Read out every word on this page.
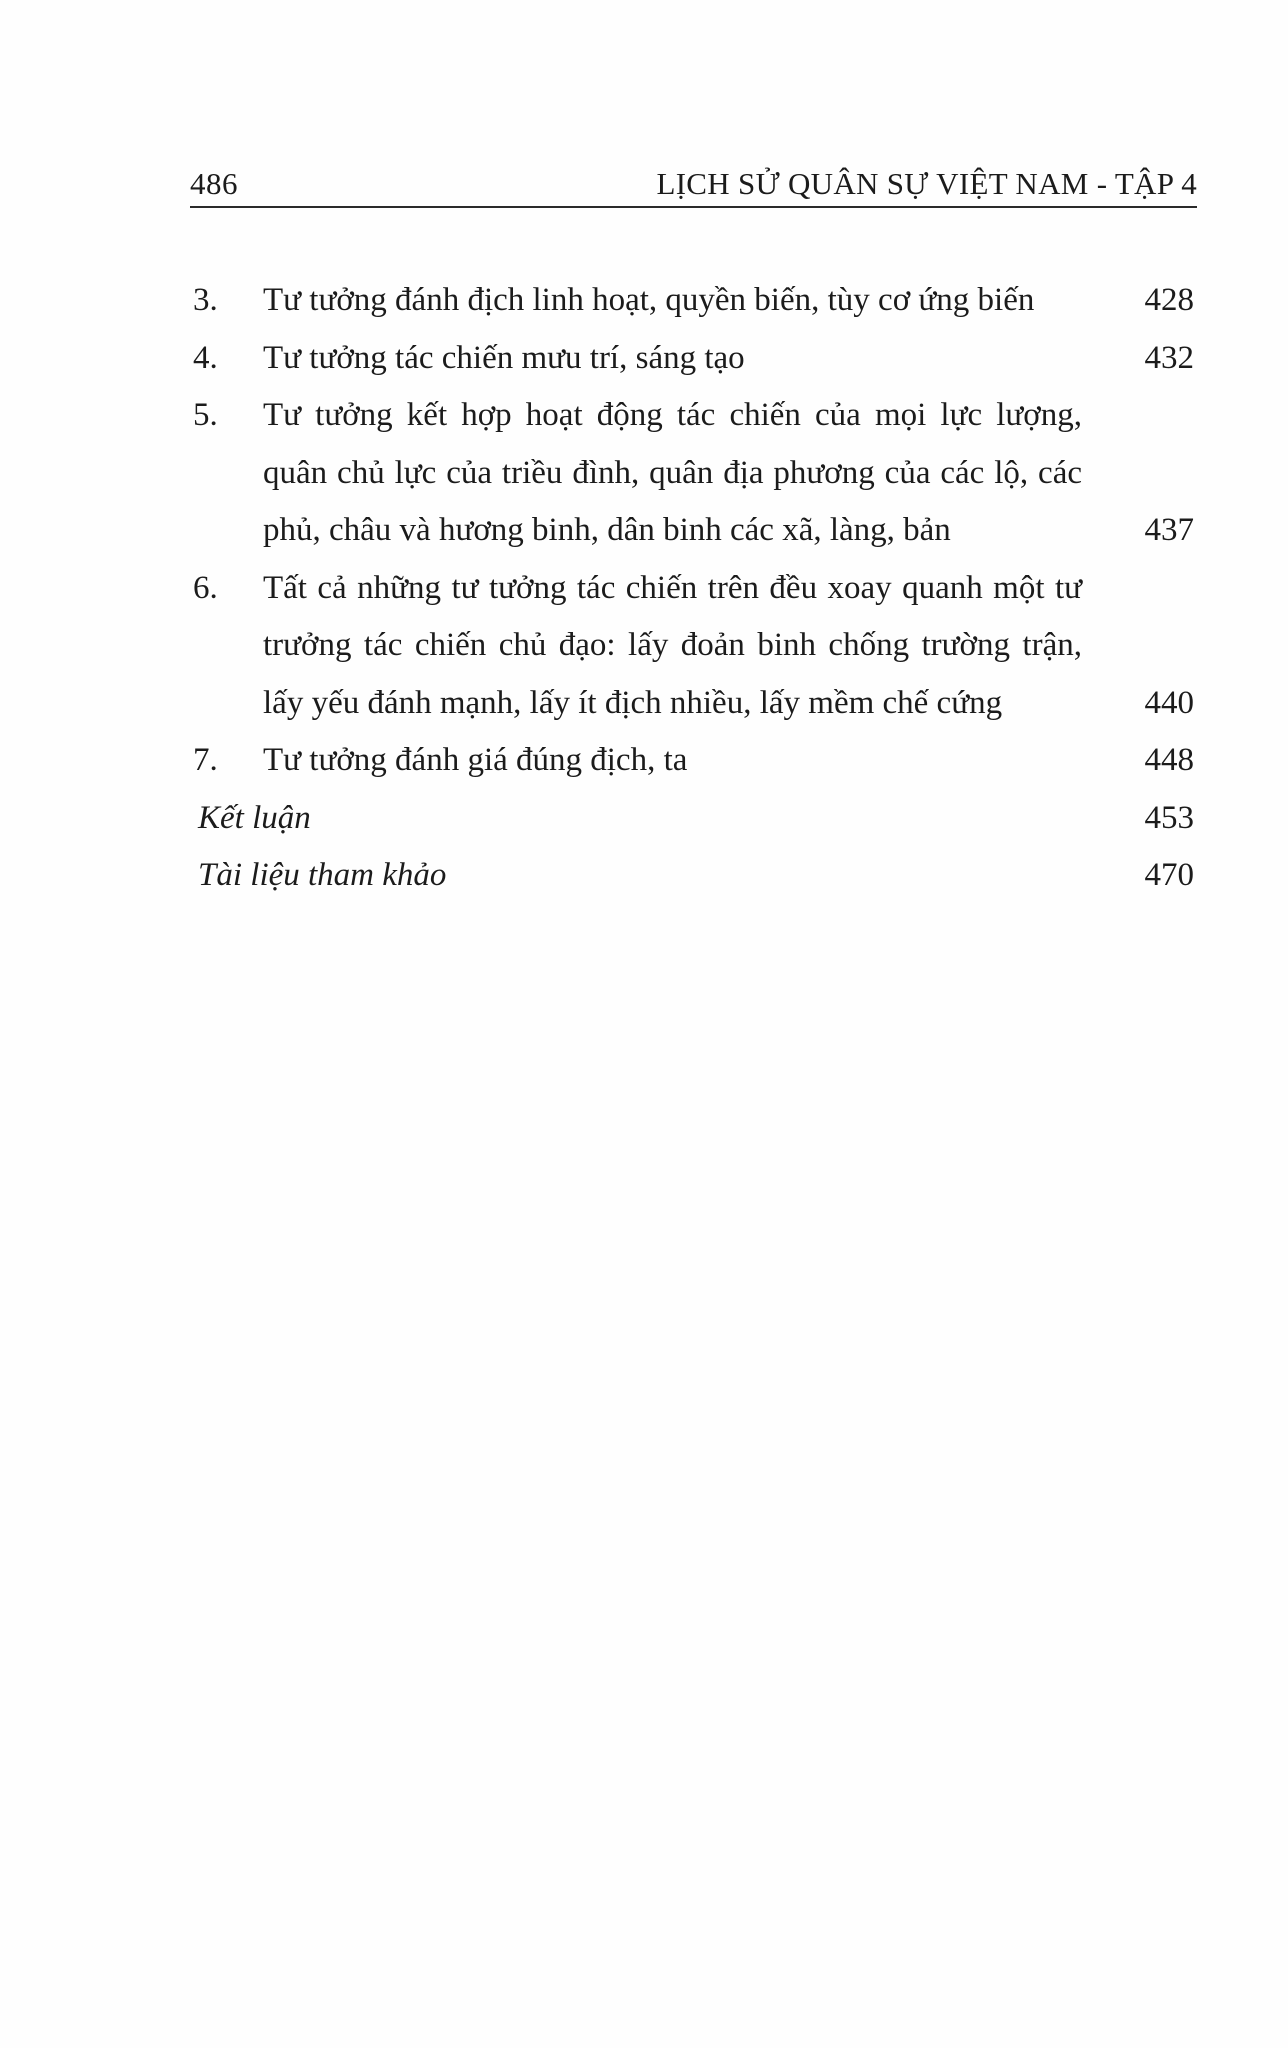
486	LỊCH SỬ QUÂN SỰ VIỆT NAM - TẬP 4
3. Tư tưởng đánh địch linh hoạt, quyền biến, tùy cơ ứng biến	428
4. Tư tưởng tác chiến mưu trí, sáng tạo	432
5. Tư tưởng kết hợp hoạt động tác chiến của mọi lực lượng, quân chủ lực của triều đình, quân địa phương của các lộ, các phủ, châu và hương binh, dân binh các xã, làng, bản	437
6. Tất cả những tư tưởng tác chiến trên đều xoay quanh một tư trưởng tác chiến chủ đạo: lấy đoản binh chống trường trận, lấy yếu đánh mạnh, lấy ít địch nhiều, lấy mềm chế cứng	440
7. Tư tưởng đánh giá đúng địch, ta	448
Kết luận	453
Tài liệu tham khảo	470
